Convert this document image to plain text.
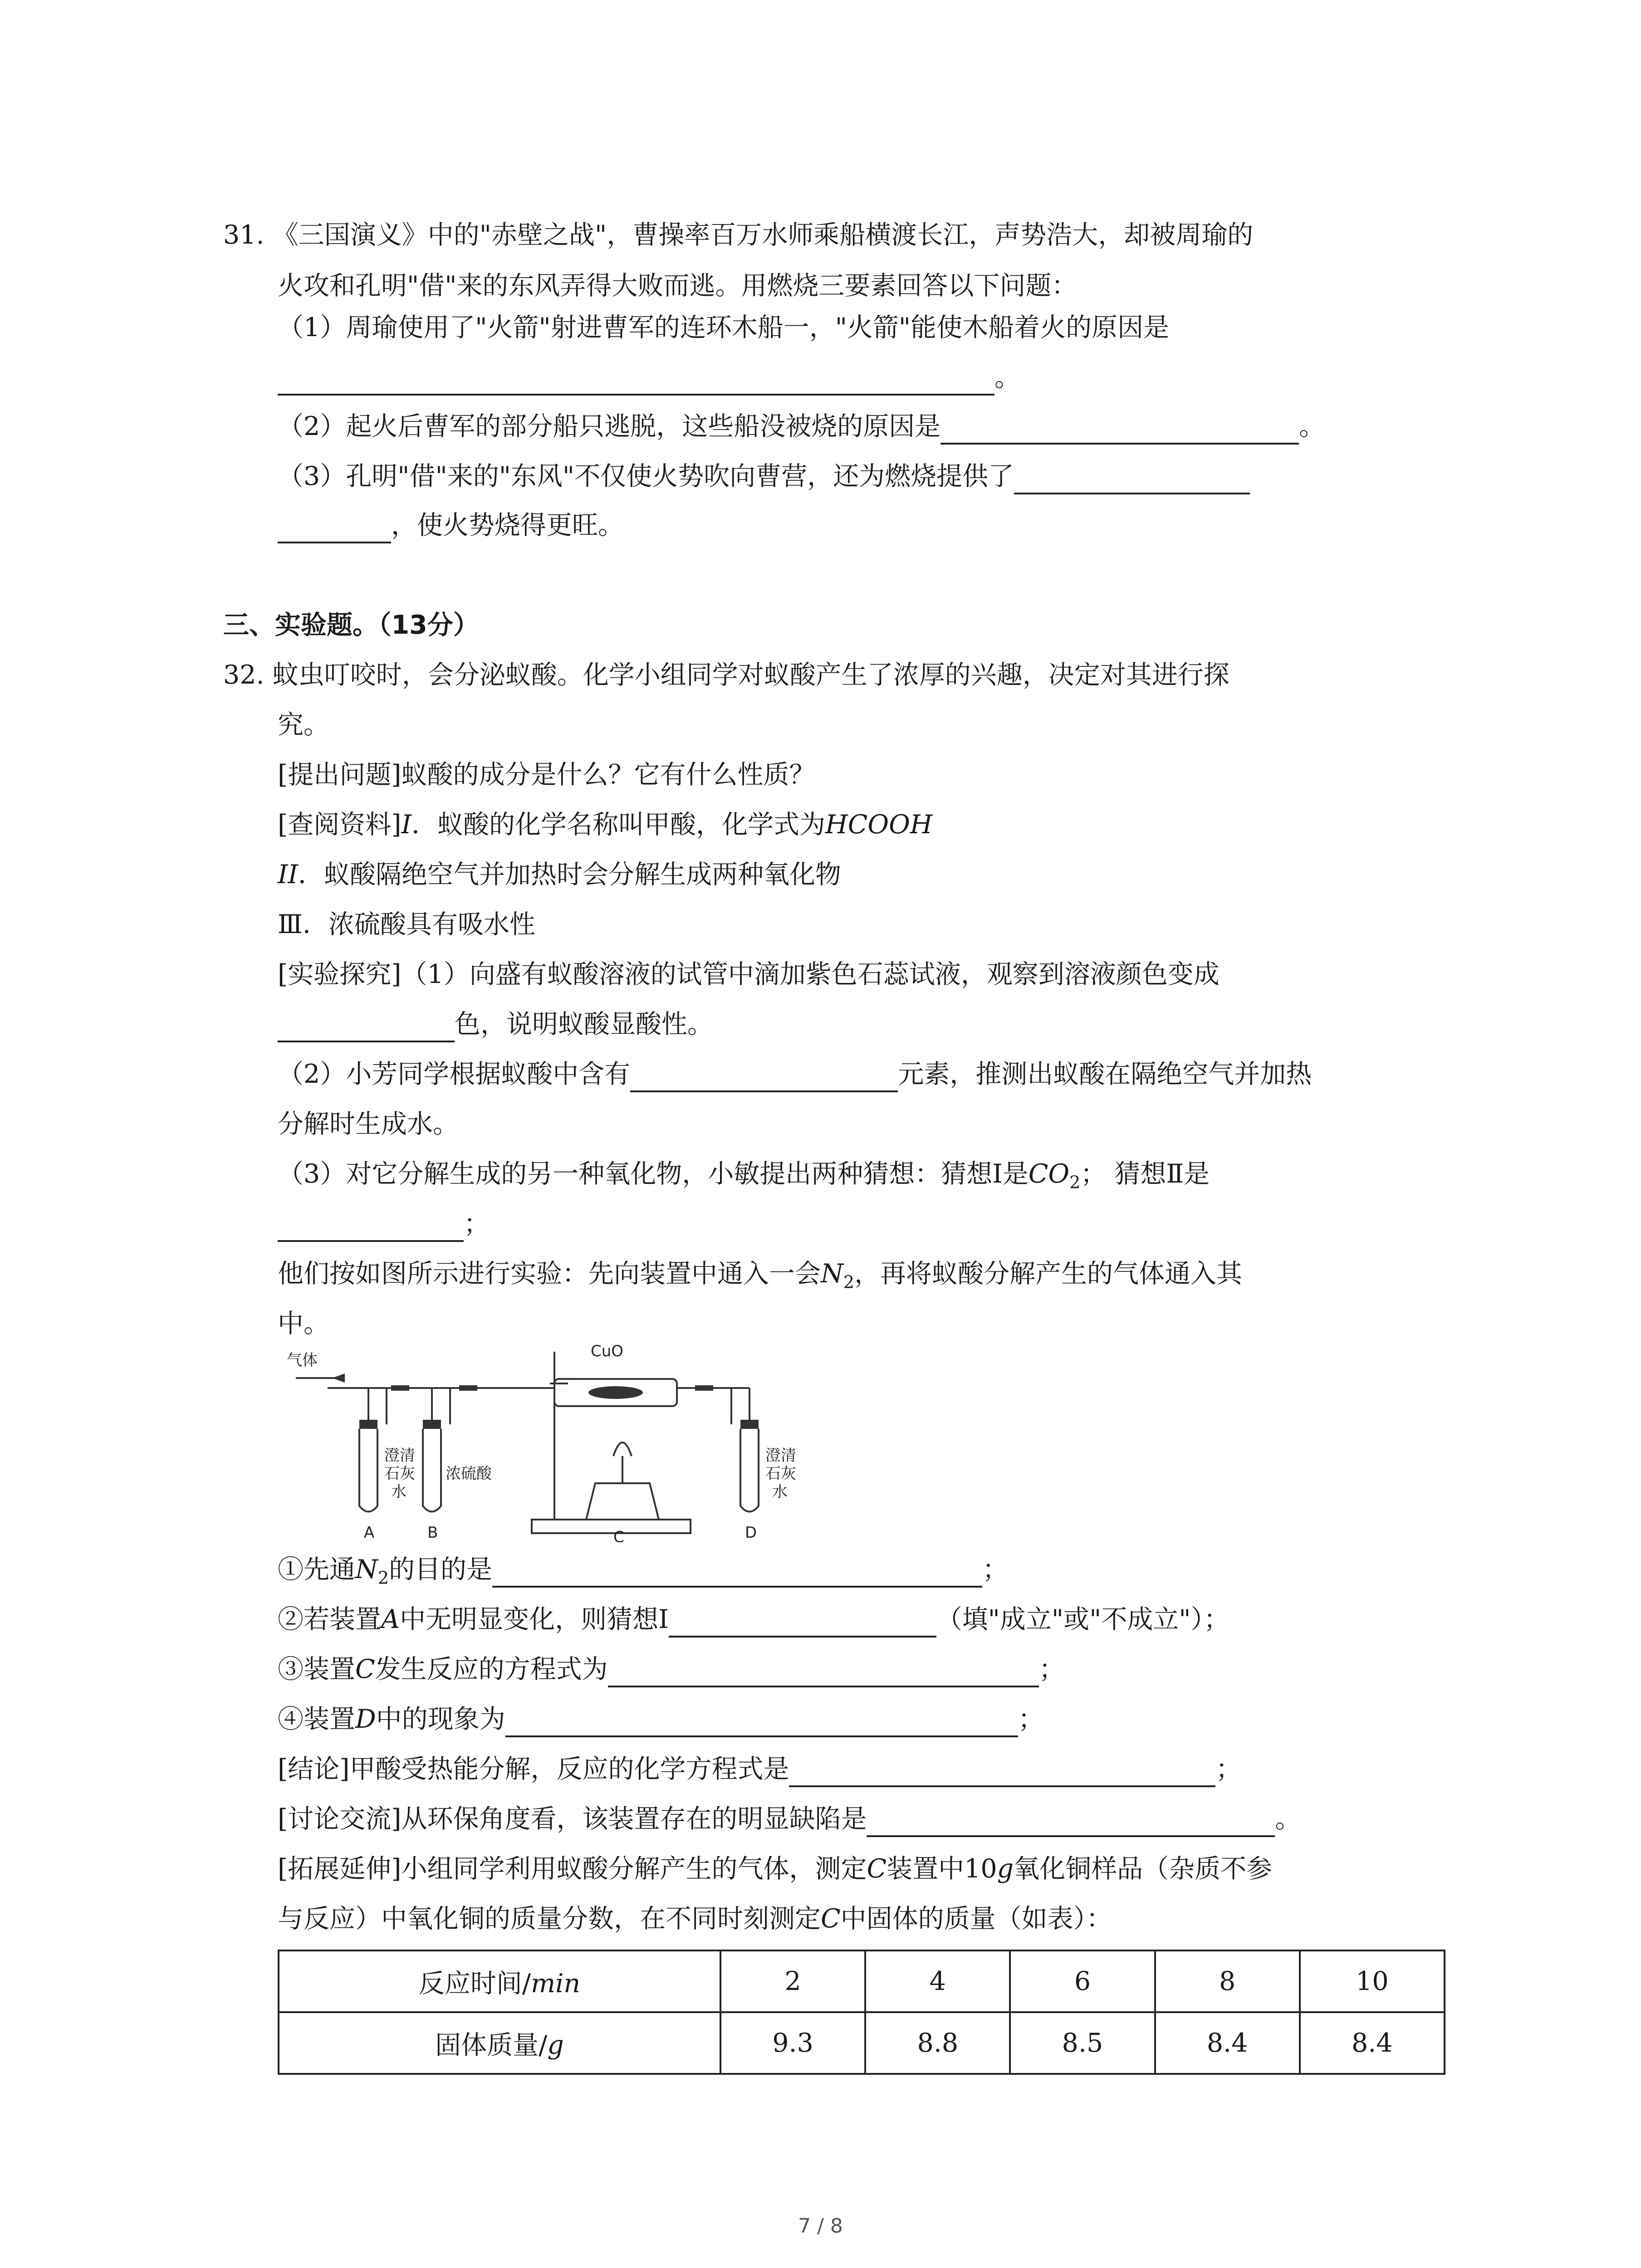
31. 《三国演义》中的"赤壁之战"，曹操率百万水师乘船横渡长江，声势浩大，却被周瑜的
火攻和孔明"借"来的东风弄得大败而逃。用燃烧三要素回答以下问题：
（1）周瑜使用了"火箭"射进曹军的连环木船一，"火箭"能使木船着火的原因是
。
（2）起火后曹军的部分船只逃脱，这些船没被烧的原因是	。
（3）孔明"借"来的"东风"不仅使火势吹向曹营，还为燃烧提供了
，使火势烧得更旺。
三、实验题。（13分）
32. 蚊虫叮咬时，会分泌蚁酸。化学小组同学对蚁酸产生了浓厚的兴趣，决定对其进行探
究。
[提出问题]蚁酸的成分是什么？它有什么性质？
[查阅资料]I．蚁酸的化学名称叫甲酸，化学式为HCOOH
II．蚁酸隔绝空气并加热时会分解生成两种氧化物
Ⅲ．浓硫酸具有吸水性
[实验探究]（1）向盛有蚁酸溶液的试管中滴加紫色石蕊试液，观察到溶液颜色变成
色，说明蚁酸显酸性。
（2）小芳同学根据蚁酸中含有	元素，推测出蚁酸在隔绝空气并加热
分解时生成水。
（3）对它分解生成的另一种氧化物，小敏提出两种猜想：猜想Ⅰ是$CO_2$； 猜想Ⅱ是
；
他们按如图所示进行实验：先向装置中通入一会$N_2$，再将蚁酸分解产生的气体通入其
中。
气体	CuO
澄清
石灰
水
浓硫酸
澄清
石灰
水
A	B	C	D
①先通$N_2$的目的是	；
②若装置A中无明显变化，则猜想Ⅰ	（填"成立"或"不成立"）；
③装置C发生反应的方程式为	；
④装置D中的现象为	；
[结论]甲酸受热能分解，反应的化学方程式是	；
[讨论交流]从环保角度看，该装置存在的明显缺陷是	。
[拓展延伸]小组同学利用蚁酸分解产生的气体，测定C装置中10g氧化铜样品（杂质不参
与反应）中氧化铜的质量分数，在不同时刻测定C中固体的质量（如表）：
反应时间/min	2	4	6	8	10
固体质量/g	9.3	8.8	8.5	8.4	8.4
7 / 8
